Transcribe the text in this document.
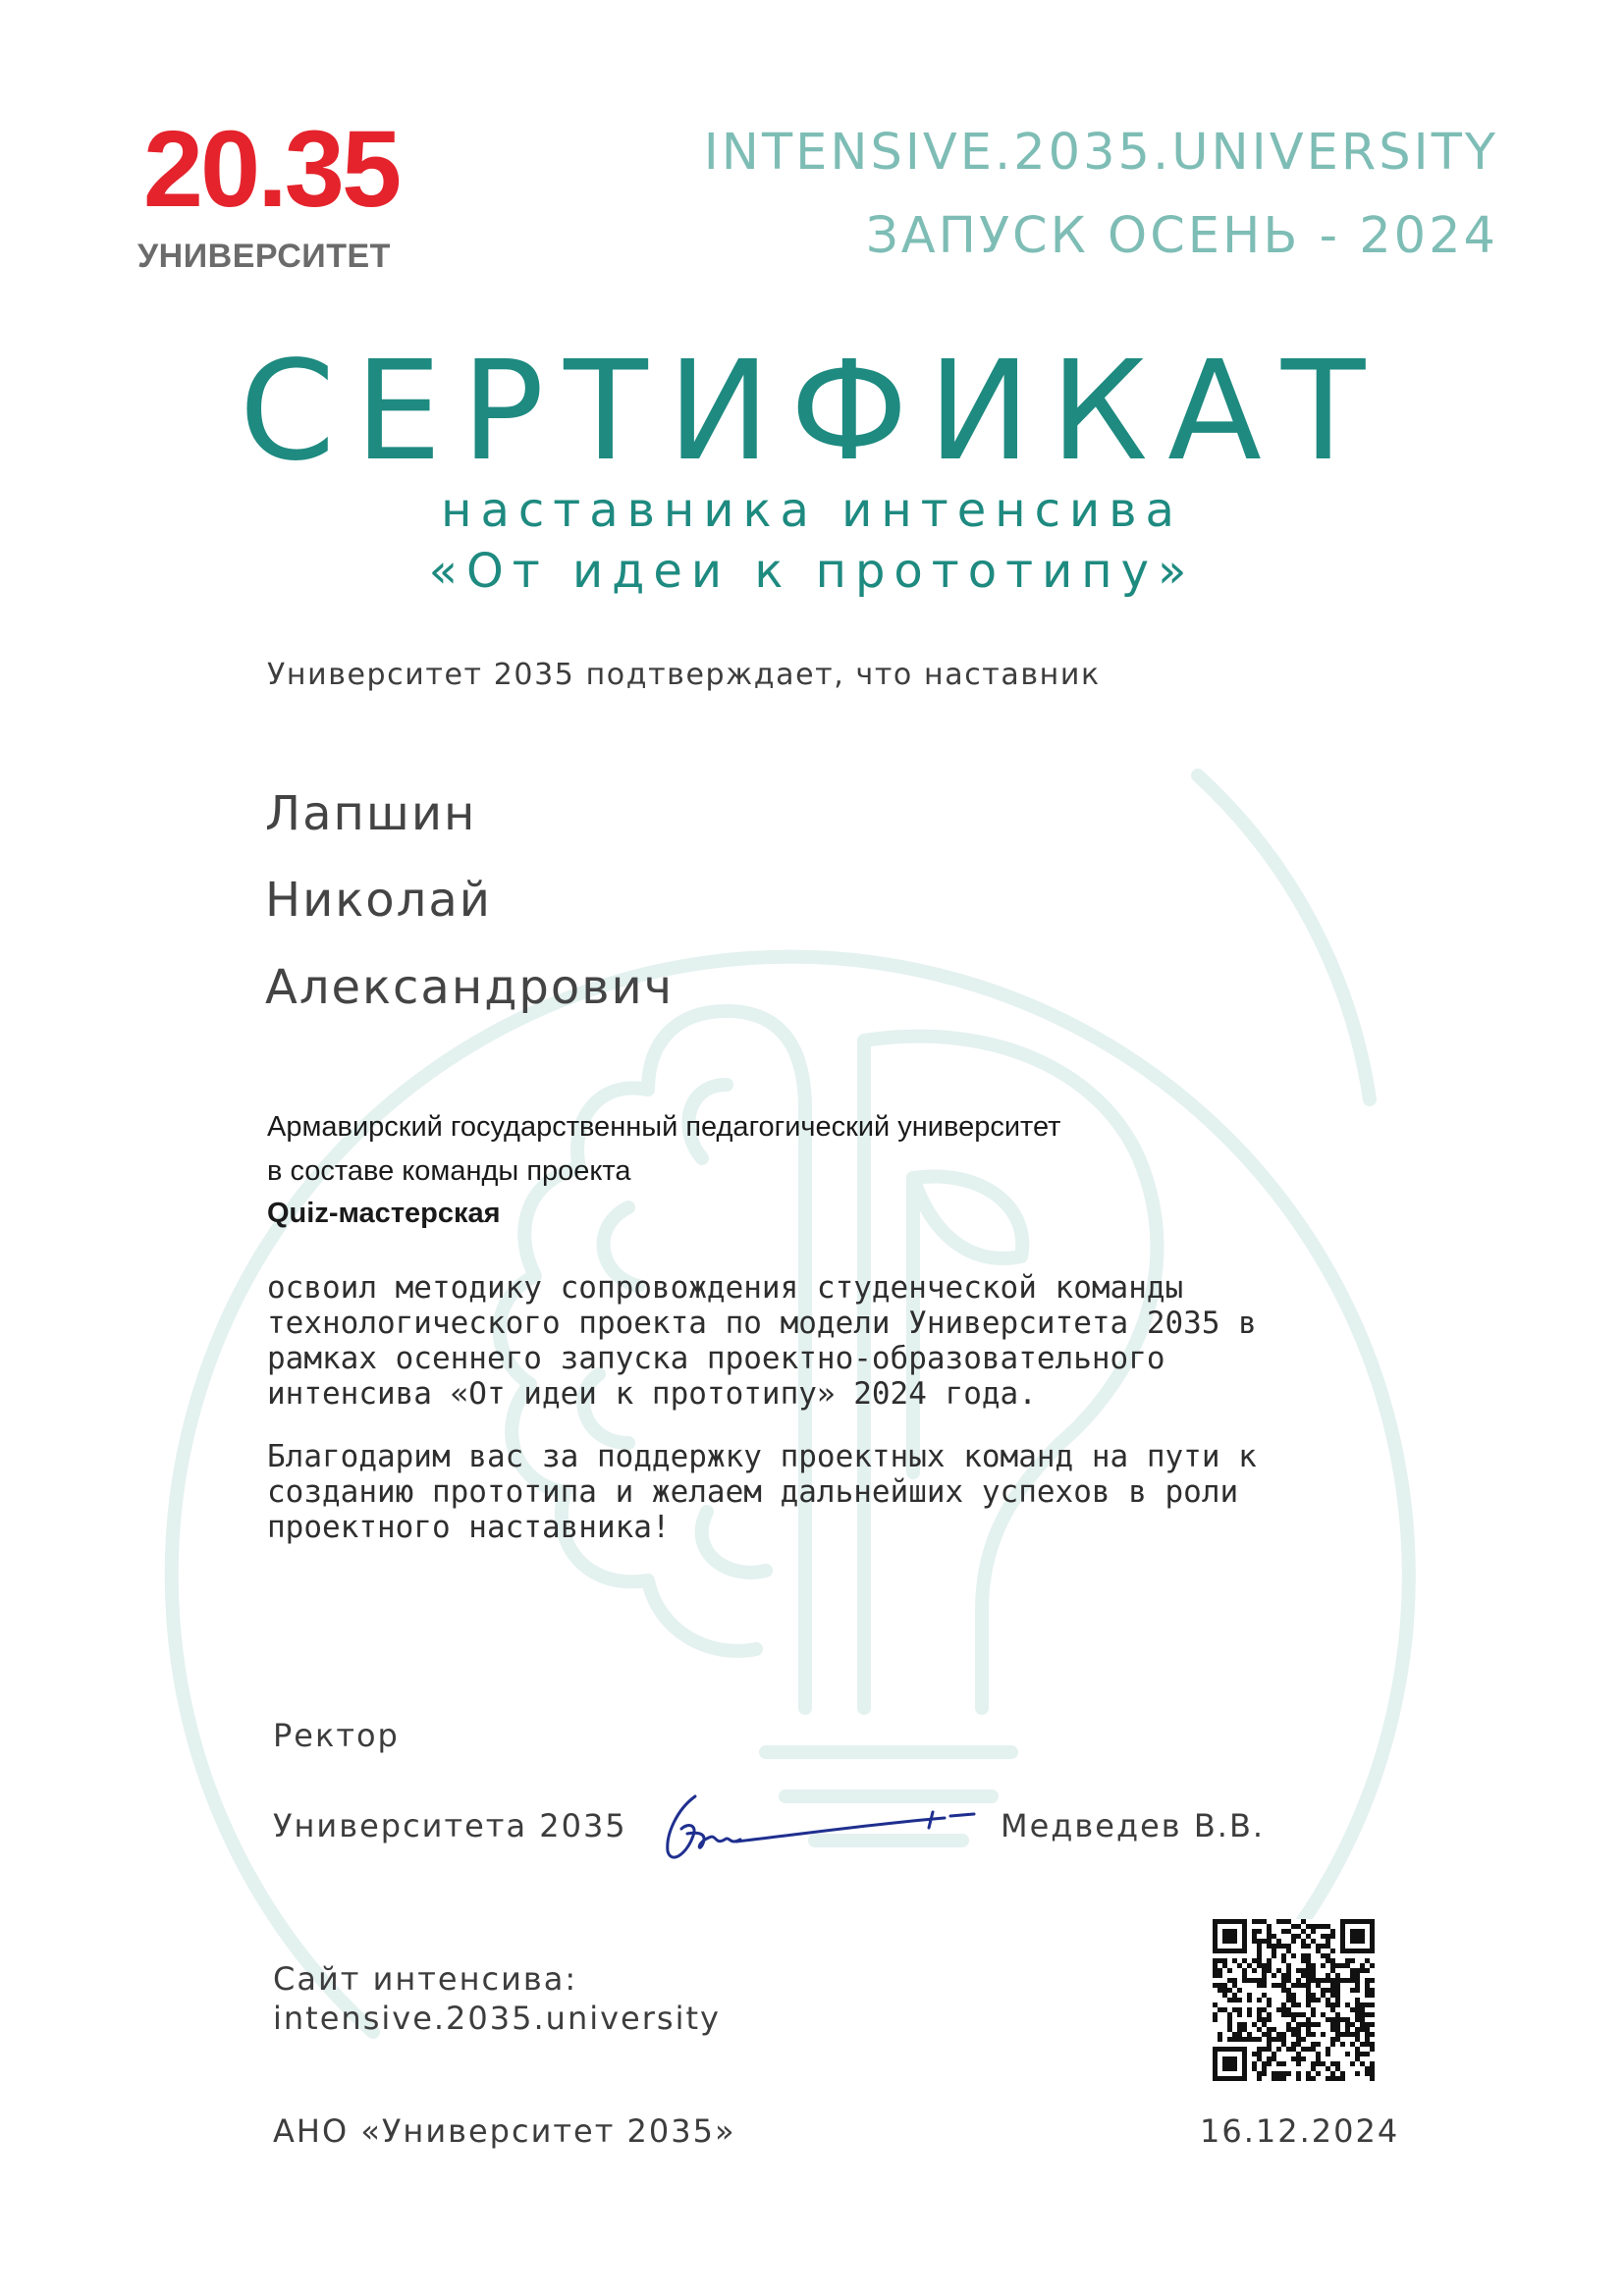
20.35
УНИВЕРСИТЕТ
INTENSIVE.2035.UNIVERSITY
ЗАПУСК ОСЕНЬ - 2024
СЕРТИФИКАТ
наставника интенсива
«От идеи к прототипу»
Университет 2035 подтверждает, что наставник
Лапшин
Николай
Александрович
Армавирский государственный педагогический университет
в составе команды проекта
Quiz-мастерская
освоил методику сопровождения студенческой команды
технологического проекта по модели Университета 2035 в
рамках осеннего запуска проектно-образовательного
интенсива «От идеи к прототипу» 2024 года.
Благодарим вас за поддержку проектных команд на пути к
созданию прототипа и желаем дальнейших успехов в роли
проектного наставника!
Ректор
Университета 2035	Медведев В.В.
Сайт интенсива:
intensive.2035.university
АНО «Университет 2035»	16.12.2024
